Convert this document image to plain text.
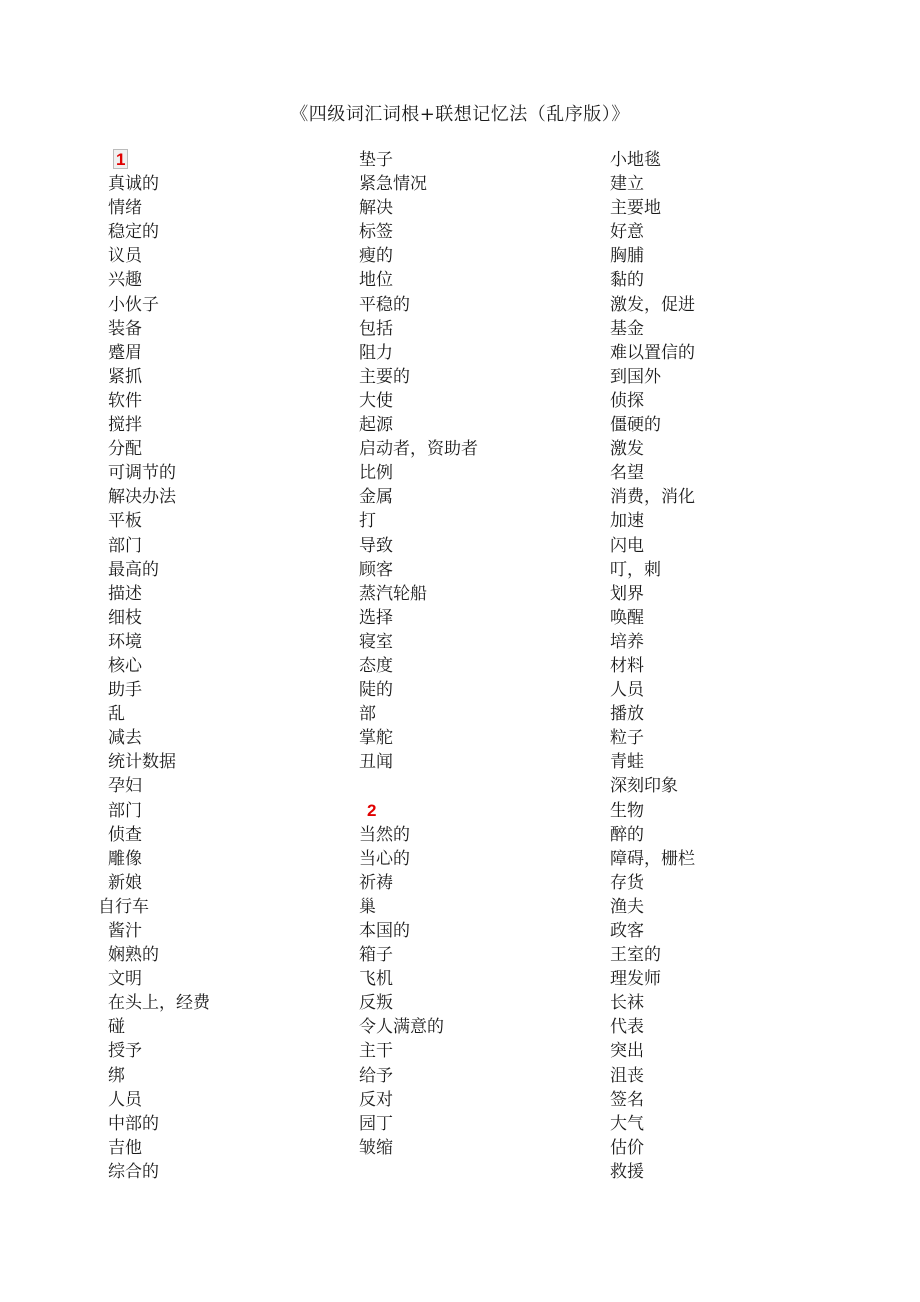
《四级词汇词根+联想记忆法（乱序版）》
1
真诚的
情绪
稳定的
议员
兴趣
小伙子
装备
蹙眉
紧抓
软件
搅拌
分配
可调节的
解决办法
平板
部门
最高的
描述
细枝
环境
核心
助手
乱
减去
统计数据
孕妇
部门
侦查
雕像
新娘
自行车
酱汁
娴熟的
文明
在头上，经费
碰
授予
绑
人员
中部的
吉他
综合的
垫子
紧急情况
解决
标签
瘦的
地位
平稳的
包括
阻力
主要的
大使
起源
启动者，资助者
比例
金属
打
导致
顾客
蒸汽轮船
选择
寝室
态度
陡的
部
掌舵
丑闻
2
当然的
当心的
祈祷
巢
本国的
箱子
飞机
反叛
令人满意的
主干
给予
反对
园丁
皱缩
小地毯
建立
主要地
好意
胸脯
黏的
激发，促进
基金
难以置信的
到国外
侦探
僵硬的
激发
名望
消费，消化
加速
闪电
叮，刺
划界
唤醒
培养
材料
人员
播放
粒子
青蛙
深刻印象
生物
醉的
障碍，栅栏
存货
渔夫
政客
王室的
理发师
长袜
代表
突出
沮丧
签名
大气
估价
救援
